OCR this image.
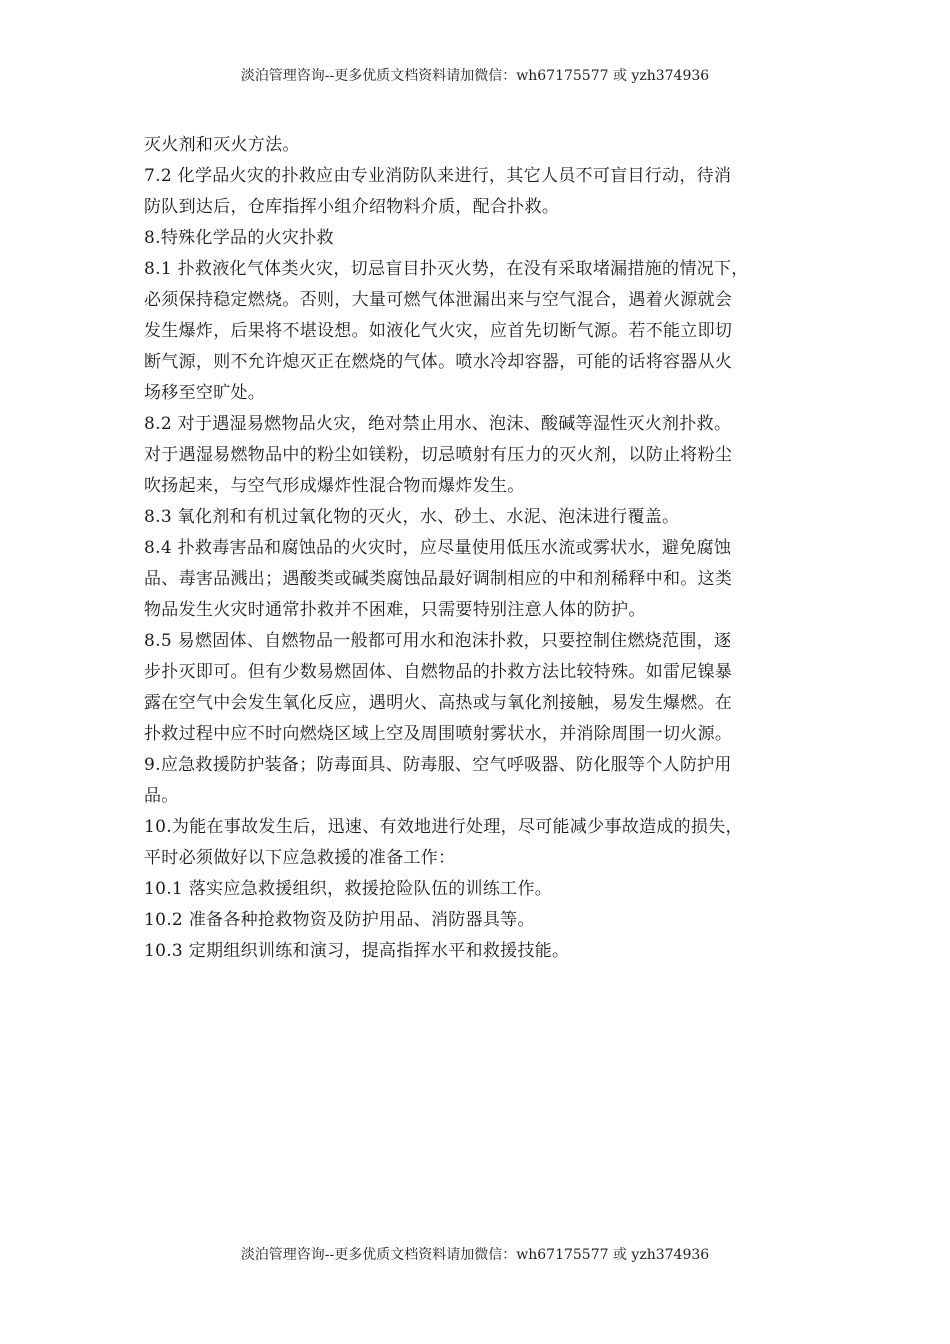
淡泊管理咨询--更多优质文档资料请加微信：wh67175577 或 yzh374936
灭火剂和灭火方法。
7.2 化学品火灾的扑救应由专业消防队来进行，其它人员不可盲目行动，待消
防队到达后，仓库指挥小组介绍物料介质，配合扑救。
8.特殊化学品的火灾扑救
8.1 扑救液化气体类火灾，切忌盲目扑灭火势，在没有采取堵漏措施的情况下，
必须保持稳定燃烧。否则，大量可燃气体泄漏出来与空气混合，遇着火源就会
发生爆炸，后果将不堪设想。如液化气火灾，应首先切断气源。若不能立即切
断气源，则不允许熄灭正在燃烧的气体。喷水冷却容器，可能的话将容器从火
场移至空旷处。
8.2 对于遇湿易燃物品火灾，绝对禁止用水、泡沫、酸碱等湿性灭火剂扑救。
对于遇湿易燃物品中的粉尘如镁粉，切忌喷射有压力的灭火剂，以防止将粉尘
吹扬起来，与空气形成爆炸性混合物而爆炸发生。
8.3 氧化剂和有机过氧化物的灭火，水、砂土、水泥、泡沫进行覆盖。
8.4 扑救毒害品和腐蚀品的火灾时，应尽量使用低压水流或雾状水，避免腐蚀
品、毒害品溅出；遇酸类或碱类腐蚀品最好调制相应的中和剂稀释中和。这类
物品发生火灾时通常扑救并不困难，只需要特别注意人体的防护。
8.5 易燃固体、自燃物品一般都可用水和泡沫扑救，只要控制住燃烧范围，逐
步扑灭即可。但有少数易燃固体、自燃物品的扑救方法比较特殊。如雷尼镍暴
露在空气中会发生氧化反应，遇明火、高热或与氧化剂接触，易发生爆燃。在
扑救过程中应不时向燃烧区域上空及周围喷射雾状水，并消除周围一切火源。
9.应急救援防护装备；防毒面具、防毒服、空气呼吸器、防化服等个人防护用
品。
10.为能在事故发生后，迅速、有效地进行处理，尽可能减少事故造成的损失，
平时必须做好以下应急救援的准备工作：
10.1 落实应急救援组织，救援抢险队伍的训练工作。
10.2 准备各种抢救物资及防护用品、消防器具等。
10.3 定期组织训练和演习，提高指挥水平和救援技能。
淡泊管理咨询--更多优质文档资料请加微信：wh67175577 或 yzh374936
